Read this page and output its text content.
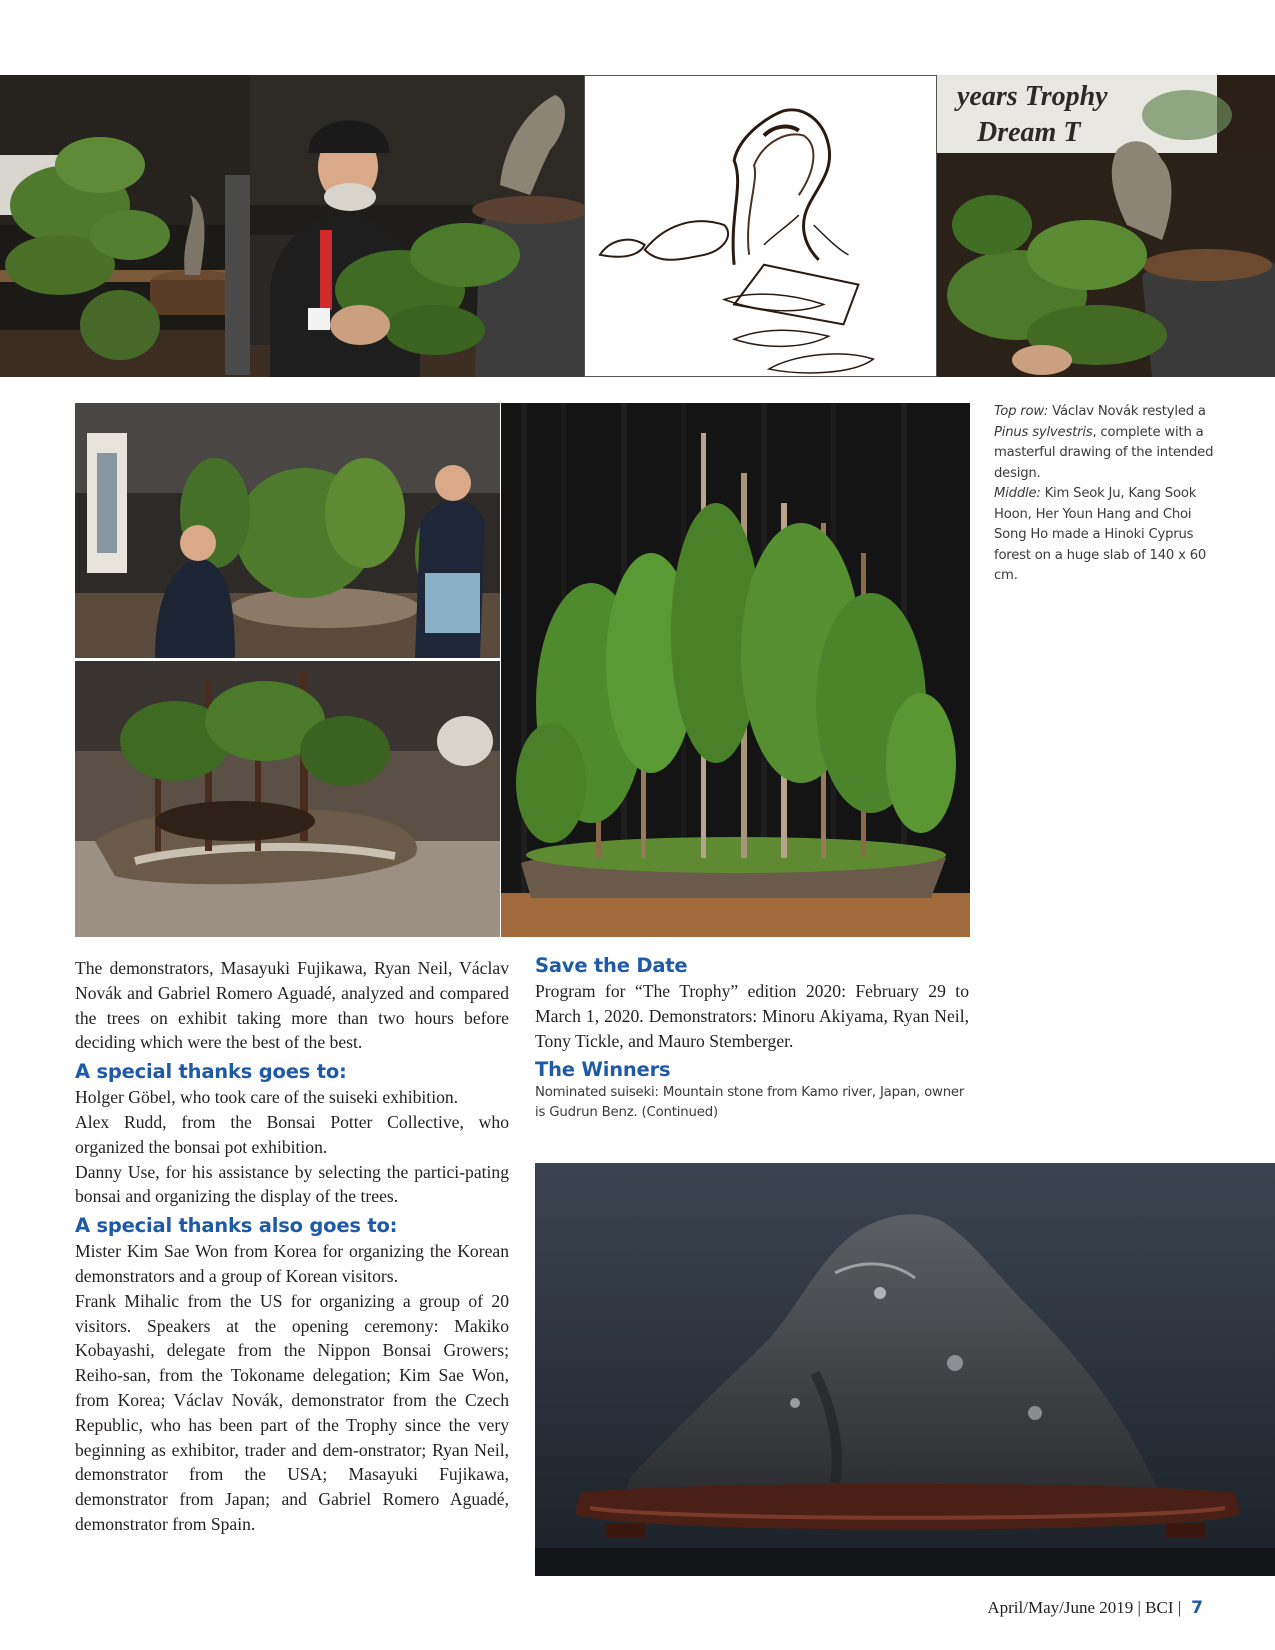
years Trophy
Dream T

Top row: Václav Novák restyled a Pinus sylvestris, complete with a masterful drawing of the intended design.

Middle: Kim Seok Ju, Kang Sook Hoon, Her Youn Hang and Choi Song Ho made a Hinoki Cyprus forest on a huge slab of 140 x 60 cm.

The demonstrators, Masayuki Fujikawa, Ryan Neil, Václav Novák and Gabriel Romero Aguadé, analyzed and compared the trees on exhibit taking more than two hours before deciding which were the best of the best.

A special thanks goes to:

Holger Göbel, who took care of the suiseki exhibition.

Alex Rudd, from the Bonsai Potter Collective, who organized the bonsai pot exhibition.

Danny Use, for his assistance by selecting the partici-pating bonsai and organizing the display of the trees.

A special thanks also goes to:

Mister Kim Sae Won from Korea for organizing the Korean demonstrators and a group of Korean visitors.

Frank Mihalic from the US for organizing a group of 20 visitors. Speakers at the opening ceremony: Makiko Kobayashi, delegate from the Nippon Bonsai Growers; Reiho-san, from the Tokoname delegation; Kim Sae Won, from Korea; Václav Novák, demonstrator from the Czech Republic, who has been part of the Trophy since the very beginning as exhibitor, trader and dem-onstrator; Ryan Neil, demonstrator from the USA; Masayuki Fujikawa, demonstrator from Japan; and Gabriel Romero Aguadé, demonstrator from Spain.

Save the Date

Program for “The Trophy” edition 2020: February 29 to March 1, 2020. Demonstrators: Minoru Akiyama, Ryan Neil, Tony Tickle, and Mauro Stemberger.

The Winners

Nominated suiseki: Mountain stone from Kamo river, Japan, owner is Gudrun Benz. (Continued)

April/May/June 2019 | BCI | 7
